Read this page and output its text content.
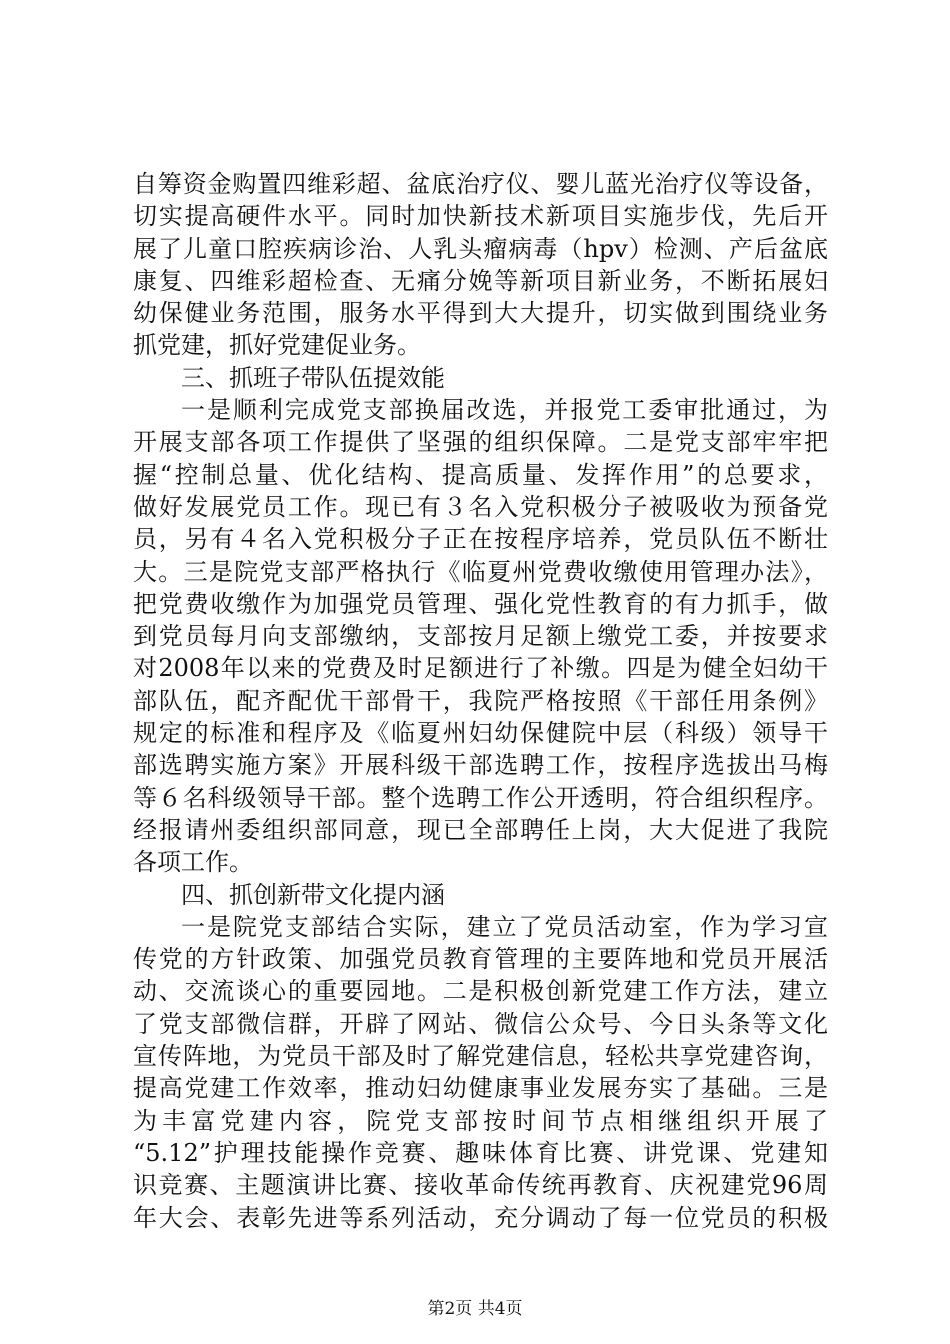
自筹资金购置四维彩超、盆底治疗仪、婴儿蓝光治疗仪等设备，
切实提高硬件水平。同时加快新技术新项目实施步伐，先后开
展了儿童口腔疾病诊治、人乳头瘤病毒（hpv）检测、产后盆底
康复、四维彩超检查、无痛分娩等新项目新业务，不断拓展妇
幼保健业务范围，服务水平得到大大提升，切实做到围绕业务
抓党建，抓好党建促业务。
三、抓班子带队伍提效能
一是顺利完成党支部换届改选，并报党工委审批通过，为
开展支部各项工作提供了坚强的组织保障。二是党支部牢牢把
握“控制总量、优化结构、提高质量、发挥作用”的总要求，
做好发展党员工作。现已有３名入党积极分子被吸收为预备党
员，另有４名入党积极分子正在按程序培养，党员队伍不断壮
大。三是院党支部严格执行《临夏州党费收缴使用管理办法》，
把党费收缴作为加强党员管理、强化党性教育的有力抓手，做
到党员每月向支部缴纳，支部按月足额上缴党工委，并按要求
对2008年以来的党费及时足额进行了补缴。四是为健全妇幼干
部队伍，配齐配优干部骨干，我院严格按照《干部任用条例》
规定的标准和程序及《临夏州妇幼保健院中层（科级）领导干
部选聘实施方案》开展科级干部选聘工作，按程序选拔出马梅
等６名科级领导干部。整个选聘工作公开透明，符合组织程序。
经报请州委组织部同意，现已全部聘任上岗，大大促进了我院
各项工作。
四、抓创新带文化提内涵
一是院党支部结合实际，建立了党员活动室，作为学习宣
传党的方针政策、加强党员教育管理的主要阵地和党员开展活
动、交流谈心的重要园地。二是积极创新党建工作方法，建立
了党支部微信群，开辟了网站、微信公众号、今日头条等文化
宣传阵地，为党员干部及时了解党建信息，轻松共享党建咨询，
提高党建工作效率，推动妇幼健康事业发展夯实了基础。三是
为丰富党建内容，院党支部按时间节点相继组织开展了
“5.12”护理技能操作竞赛、趣味体育比赛、讲党课、党建知
识竞赛、主题演讲比赛、接收革命传统再教育、庆祝建党96周
年大会、表彰先进等系列活动，充分调动了每一位党员的积极
第2页 共4页
